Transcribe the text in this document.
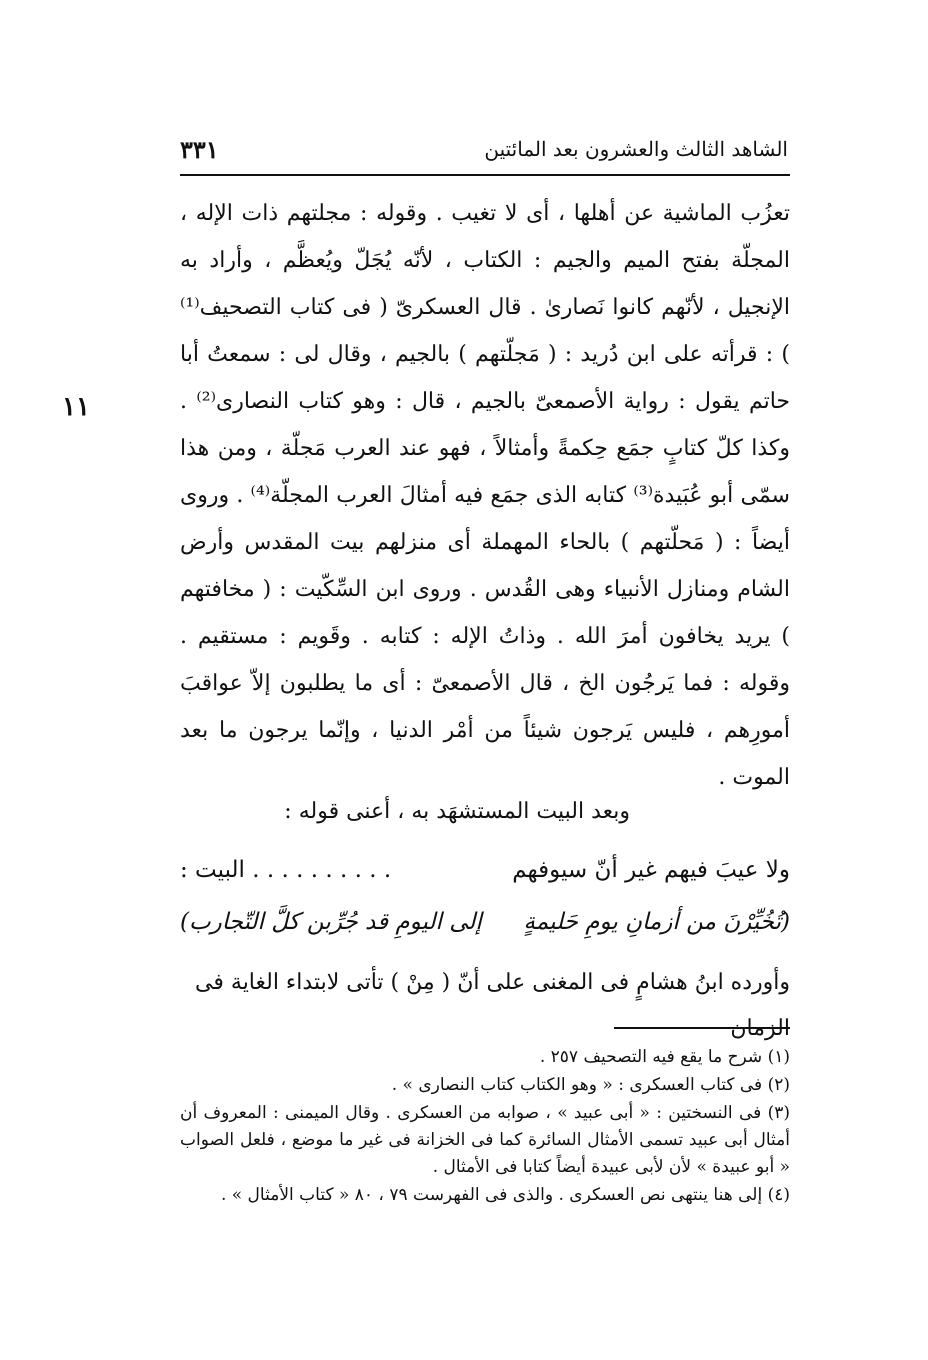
الشاهد الثالث والعشرون بعد المائتين
٣٣١
١١

تعزُب الماشية عن أهلها ، أى لا تغيب . وقوله : مجلتهم ذات الإله ، المجلّة بفتح الميم والجيم : الكتاب ، لأنّه يُجَلّ ويُعظَّم ، وأراد به الإنجيل ، لأنّهم كانوا نَصارىٰ . قال العسكرىّ ( فى كتاب التصحيف⁽¹⁾ ) : قرأته على ابن دُريد : ( مَجلّتهم ) بالجيم ، وقال لى : سمعتُ أبا حاتم يقول : رواية الأصمعىّ بالجيم ، قال : وهو كتاب النصارى⁽²⁾ . وكذا كلّ كتابٍ جمَع حِكمةً وأمثالاً ، فهو عند العرب مَجلّة ، ومن هذا سمّى أبو عُبَيدة⁽³⁾ كتابه الذى جمَع فيه أمثالَ العرب المجلّة⁽⁴⁾ . وروى أيضاً : ( مَحلّتهم ) بالحاء المهملة أى منزلهم بيت المقدس وأرض الشام ومنازل الأنبياء وهى القُدس . وروى ابن السِّكّيت : ( مخافتهم ) يريد يخافون أمرَ الله . وذاتُ الإله : كتابه . وقَويم : مستقيم . وقوله : فما يَرجُون الخ ، قال الأصمعىّ : أى ما يطلبون إلاّ عواقبَ أمورِهم ، فليس يَرجون شيئاً من أمْر الدنيا ، وإنّما يرجون ما بعد الموت .

وبعد البيت المستشهَد به ، أعنى قوله :
ولا عيبَ فيهم غير أنّ سيوفهم
. . . . . . . . . . البيت :
(تُخُيِّرْنَ من أزمانِ يومِ حَليمةٍ
إلى اليومِ قد جُرِّبن كلَّ التّجارب)
وأورده ابنُ هشامٍ فى المغنى على أنّ ( مِنْ ) تأتى لابتداء الغاية فى الزمان

(١) شرح ما يقع فيه التصحيف ٢٥٧ .

(٢) فى كتاب العسكرى : « وهو الكتاب كتاب النصارى » .

(٣) فى النسختين : « أبى عبيد » ، صوابه من العسكرى . وقال الميمنى : المعروف أن أمثال أبى عبيد تسمى الأمثال السائرة كما فى الخزانة فى غير ما موضع ، فلعل الصواب « أبو عبيدة » لأن لأبى عبيدة أيضاً كتابا فى الأمثال .

(٤) إلى هنا ينتهى نص العسكرى . والذى فى الفهرست ٧٩ ، ٨٠ « كتاب الأمثال » .
